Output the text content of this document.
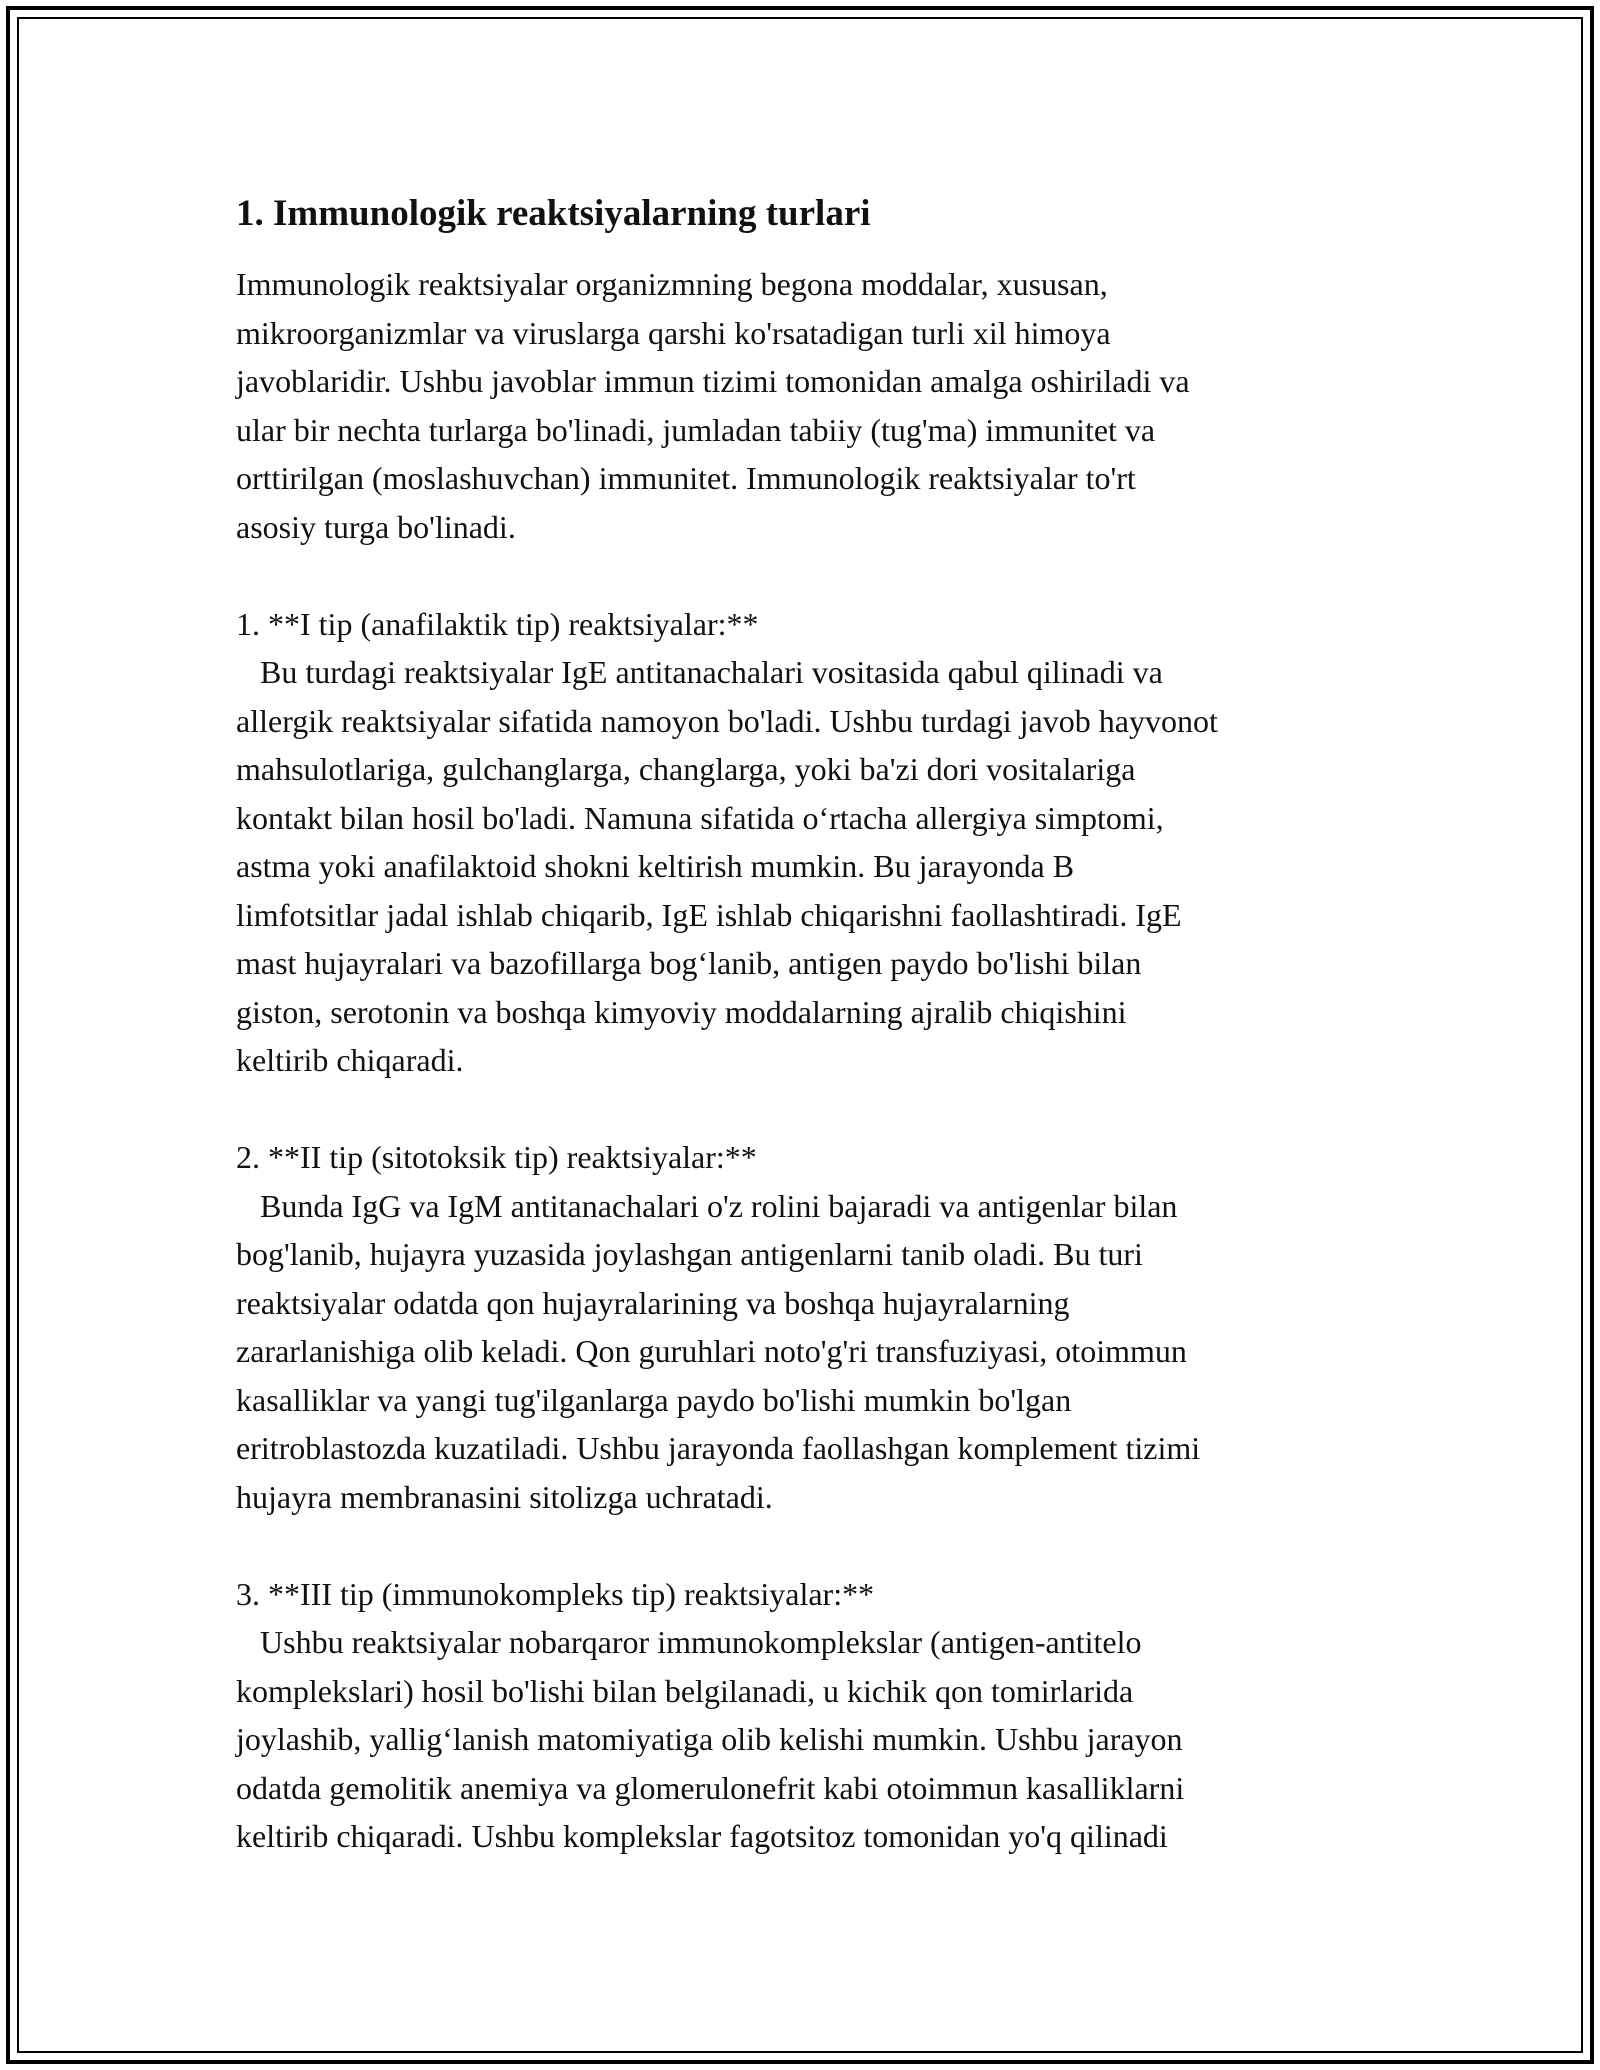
1. Immunologik reaktsiyalarning turlari
Immunologik reaktsiyalar organizmning begona moddalar, xususan,
mikroorganizmlar va viruslarga qarshi ko'rsatadigan turli xil himoya
javoblaridir. Ushbu javoblar immun tizimi tomonidan amalga oshiriladi va
ular bir nechta turlarga bo'linadi, jumladan tabiiy (tug'ma) immunitet va
orttirilgan (moslashuvchan) immunitet. Immunologik reaktsiyalar to'rt
asosiy turga bo'linadi.
1. **I tip (anafilaktik tip) reaktsiyalar:**
Bu turdagi reaktsiyalar IgE antitanachalari vositasida qabul qilinadi va
allergik reaktsiyalar sifatida namoyon bo'ladi. Ushbu turdagi javob hayvonot
mahsulotlariga, gulchanglarga, changlarga, yoki ba'zi dori vositalariga
kontakt bilan hosil bo'ladi. Namuna sifatida o‘rtacha allergiya simptomi,
astma yoki anafilaktoid shokni keltirish mumkin. Bu jarayonda B
limfotsitlar jadal ishlab chiqarib, IgE ishlab chiqarishni faollashtiradi. IgE
mast hujayralari va bazofillarga bog‘lanib, antigen paydo bo'lishi bilan
giston, serotonin va boshqa kimyoviy moddalarning ajralib chiqishini
keltirib chiqaradi.
2. **II tip (sitotoksik tip) reaktsiyalar:**
Bunda IgG va IgM antitanachalari o'z rolini bajaradi va antigenlar bilan
bog'lanib, hujayra yuzasida joylashgan antigenlarni tanib oladi. Bu turi
reaktsiyalar odatda qon hujayralarining va boshqa hujayralarning
zararlanishiga olib keladi. Qon guruhlari noto'g'ri transfuziyasi, otoimmun
kasalliklar va yangi tug'ilganlarga paydo bo'lishi mumkin bo'lgan
eritroblastozda kuzatiladi. Ushbu jarayonda faollashgan komplement tizimi
hujayra membranasini sitolizga uchratadi.
3. **III tip (immunokompleks tip) reaktsiyalar:**
Ushbu reaktsiyalar nobarqaror immunokomplekslar (antigen-antitelo
komplekslari) hosil bo'lishi bilan belgilanadi, u kichik qon tomirlarida
joylashib, yallig‘lanish matomiyatiga olib kelishi mumkin. Ushbu jarayon
odatda gemolitik anemiya va glomerulonefrit kabi otoimmun kasalliklarni
keltirib chiqaradi. Ushbu komplekslar fagotsitoz tomonidan yo'q qilinadi
